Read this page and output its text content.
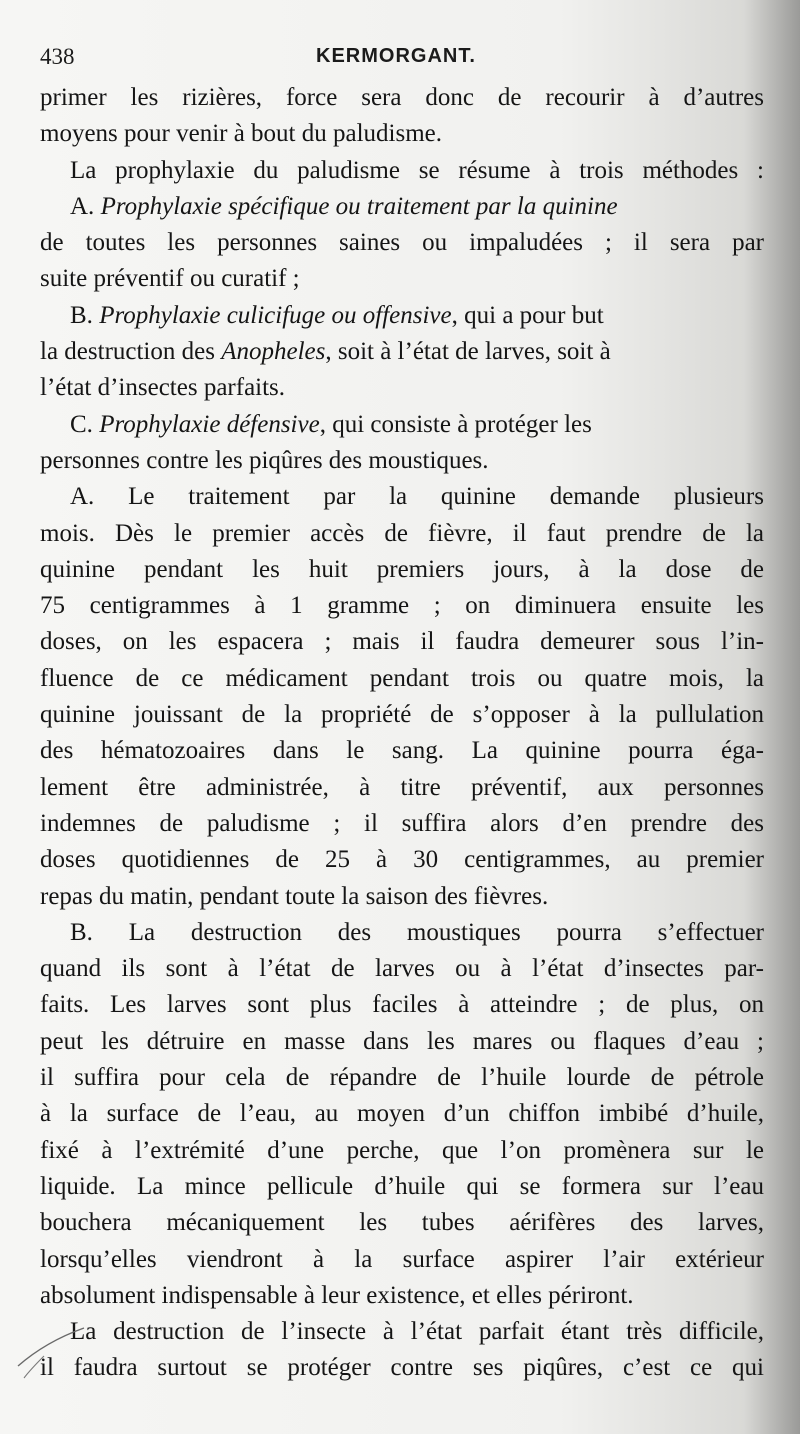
438	KERMORGANT.
primer les rizières, force sera donc de recourir à d’autres
moyens pour venir à bout du paludisme.
La prophylaxie du paludisme se résume à trois méthodes :
A. Prophylaxie spécifique ou traitement par la quinine
de toutes les personnes saines ou impaludées ; il sera par
suite préventif ou curatif ;
B. Prophylaxie culicifuge ou offensive, qui a pour but
la destruction des Anopheles, soit à l’état de larves, soit à
l’état d’insectes parfaits.
C. Prophylaxie défensive, qui consiste à protéger les
personnes contre les piqûres des moustiques.
A. Le traitement par la quinine demande plusieurs
mois. Dès le premier accès de fièvre, il faut prendre de la
quinine pendant les huit premiers jours, à la dose de
75 centigrammes à 1 gramme ; on diminuera ensuite les
doses, on les espacera ; mais il faudra demeurer sous l’in-
fluence de ce médicament pendant trois ou quatre mois, la
quinine jouissant de la propriété de s’opposer à la pullulation
des hématozoaires dans le sang. La quinine pourra éga-
lement être administrée, à titre préventif, aux personnes
indemnes de paludisme ; il suffira alors d’en prendre des
doses quotidiennes de 25 à 30 centigrammes, au premier
repas du matin, pendant toute la saison des fièvres.
B. La destruction des moustiques pourra s’effectuer
quand ils sont à l’état de larves ou à l’état d’insectes par-
faits. Les larves sont plus faciles à atteindre ; de plus, on
peut les détruire en masse dans les mares ou flaques d’eau ;
il suffira pour cela de répandre de l’huile lourde de pétrole
à la surface de l’eau, au moyen d’un chiffon imbibé d’huile,
fixé à l’extrémité d’une perche, que l’on promènera sur le
liquide. La mince pellicule d’huile qui se formera sur l’eau
bouchera mécaniquement les tubes aérifères des larves,
lorsqu’elles viendront à la surface aspirer l’air extérieur
absolument indispensable à leur existence, et elles périront.
La destruction de l’insecte à l’état parfait étant très difficile,
il faudra surtout se protéger contre ses piqûres, c’est ce qui
